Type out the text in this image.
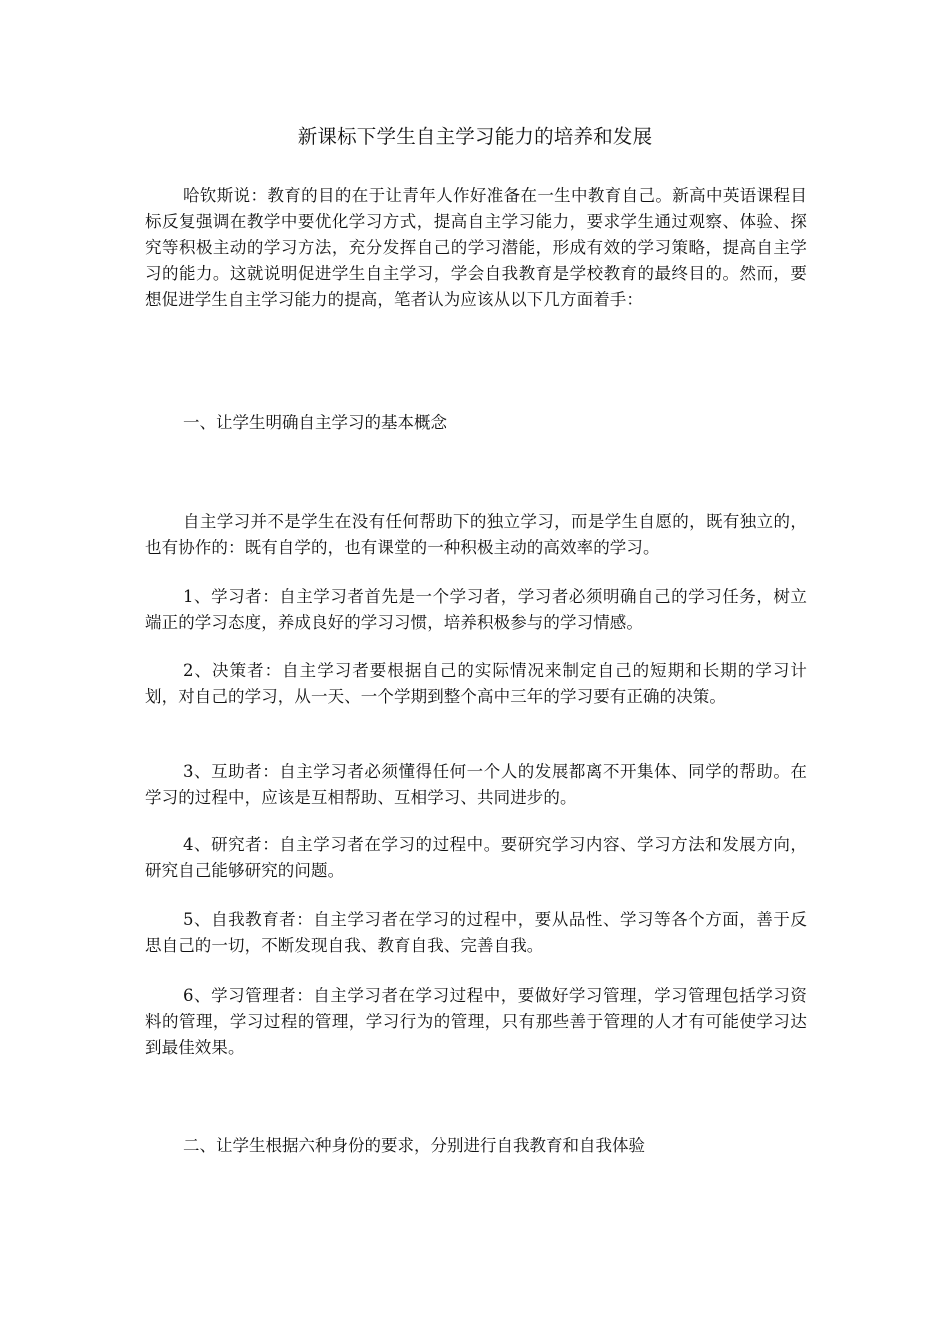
新课标下学生自主学习能力的培养和发展

哈钦斯说：教育的目的在于让青年人作好准备在一生中教育自己。新高中英语课程目标反复强调在教学中要优化学习方式，提高自主学习能力，要求学生通过观察、体验、探究等积极主动的学习方法，充分发挥自己的学习潜能，形成有效的学习策略，提高自主学习的能力。这就说明促进学生自主学习，学会自我教育是学校教育的最终目的。然而，要想促进学生自主学习能力的提高，笔者认为应该从以下几方面着手：

一、让学生明确自主学习的基本概念

自主学习并不是学生在没有任何帮助下的独立学习，而是学生自愿的，既有独立的，也有协作的：既有自学的，也有课堂的一种积极主动的高效率的学习。

1、学习者：自主学习者首先是一个学习者，学习者必须明确自己的学习任务，树立端正的学习态度，养成良好的学习习惯，培养积极参与的学习情感。

2、决策者：自主学习者要根据自己的实际情况来制定自己的短期和长期的学习计划，对自己的学习，从一天、一个学期到整个高中三年的学习要有正确的决策。

3、互助者：自主学习者必须懂得任何一个人的发展都离不开集体、同学的帮助。在学习的过程中，应该是互相帮助、互相学习、共同进步的。

4、研究者：自主学习者在学习的过程中。要研究学习内容、学习方法和发展方向，研究自己能够研究的问题。

5、自我教育者：自主学习者在学习的过程中，要从品性、学习等各个方面，善于反思自己的一切，不断发现自我、教育自我、完善自我。

6、学习管理者：自主学习者在学习过程中，要做好学习管理，学习管理包括学习资料的管理，学习过程的管理，学习行为的管理，只有那些善于管理的人才有可能使学习达到最佳效果。

二、让学生根据六种身份的要求，分别进行自我教育和自我体验
